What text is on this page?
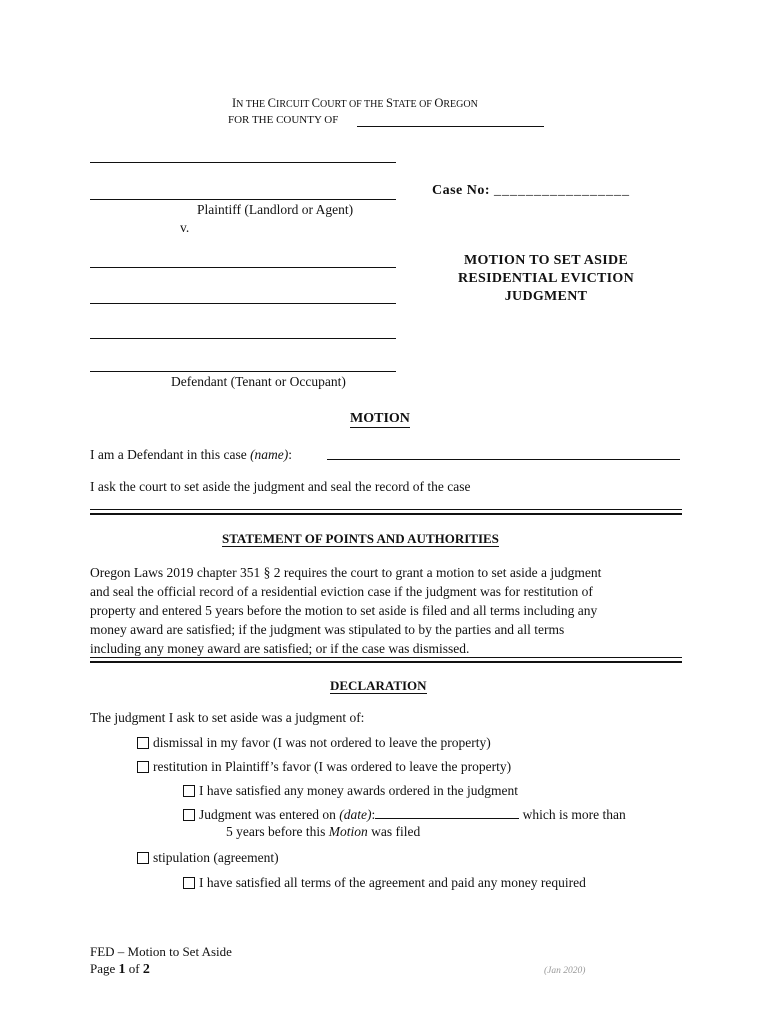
IN THE CIRCUIT COURT OF THE STATE OF OREGON
FOR THE COUNTY OF
Plaintiff (Landlord or Agent)
v.
Case No: _________________
MOTION TO SET ASIDE
RESIDENTIAL EVICTION
JUDGMENT
Defendant (Tenant or Occupant)
MOTION
I am a Defendant in this case (name):
I ask the court to set aside the judgment and seal the record of the case
STATEMENT OF POINTS AND AUTHORITIES
Oregon Laws 2019 chapter 351 § 2 requires the court to grant a motion to set aside a judgment
and seal the official record of a residential eviction case if the judgment was for restitution of
property and entered 5 years before the motion to set aside is filed and all terms including any
money award are satisfied; if the judgment was stipulated to by the parties and all terms
including any money award are satisfied; or if the case was dismissed.
DECLARATION
The judgment I ask to set aside was a judgment of:
dismissal in my favor (I was not ordered to leave the property)
restitution in Plaintiff’s favor (I was ordered to leave the property)
I have satisfied any money awards ordered in the judgment
Judgment was entered on (date):	which is more than
5 years before this Motion was filed
stipulation (agreement)
I have satisfied all terms of the agreement and paid any money required
FED – Motion to Set Aside
Page 1 of 2	(Jan 2020)
